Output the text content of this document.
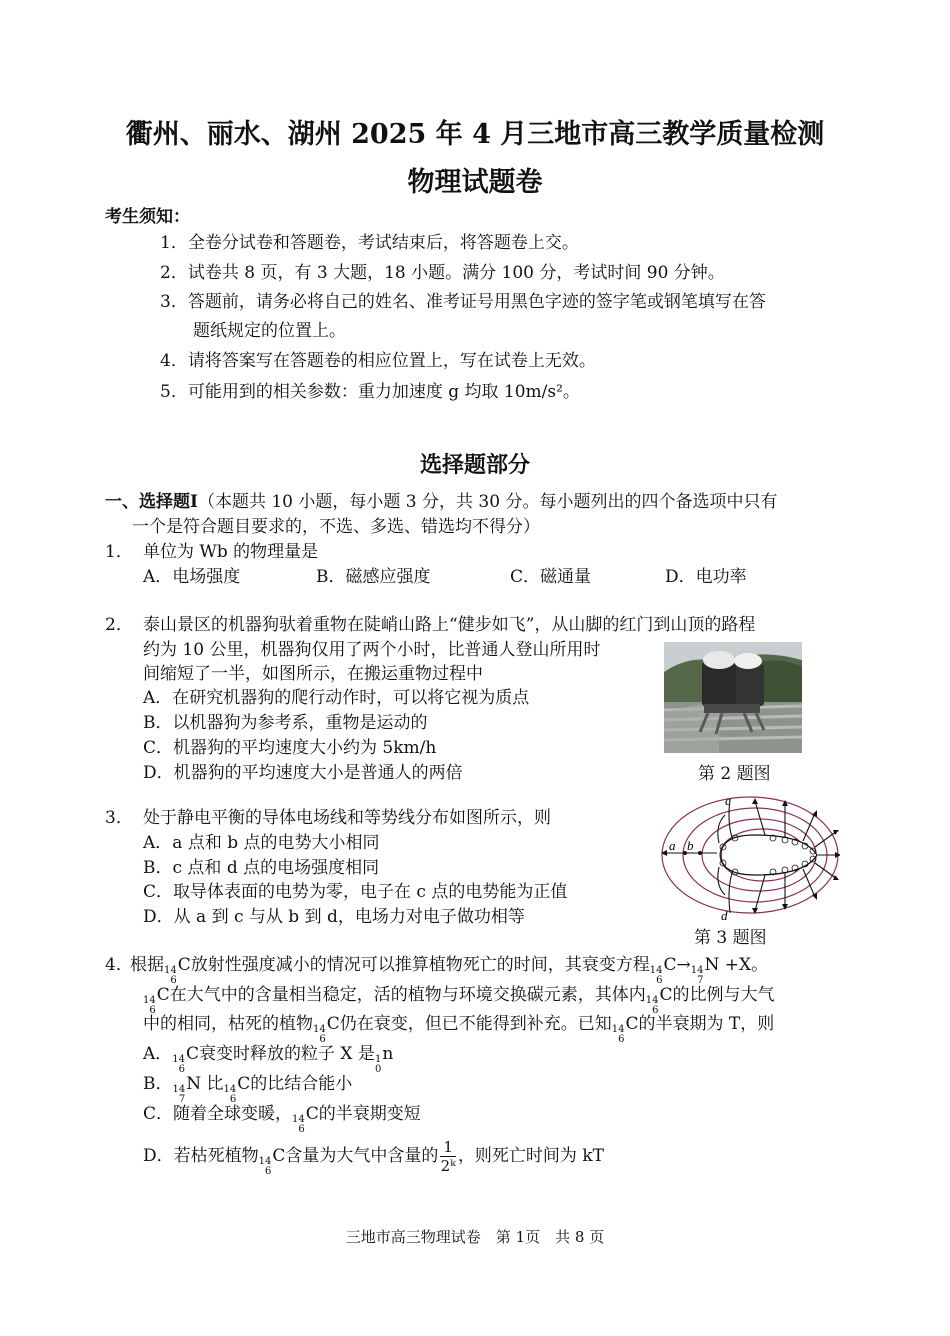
衢州、丽水、湖州 2025 年 4 月三地市高三教学质量检测
物理试题卷
考生须知：
1．全卷分试卷和答题卷，考试结束后，将答题卷上交。
2．试卷共 8 页，有 3 大题，18 小题。满分 100 分，考试时间 90 分钟。
3．答题前，请务必将自己的姓名、准考证号用黑色字迹的签字笔或钢笔填写在答
题纸规定的位置上。
4．请将答案写在答题卷的相应位置上，写在试卷上无效。
5．可能用到的相关参数：重力加速度 g 均取 10m/s²。
选择题部分
一、选择题Ⅰ（本题共 10 小题，每小题 3 分，共 30 分。每小题列出的四个备选项中只有
一个是符合题目要求的，不选、多选、错选均不得分）
1． 单位为 Wb 的物理量是
A．电场强度	B．磁感应强度	C．磁通量	D．电功率
2． 泰山景区的机器狗驮着重物在陡峭山路上“健步如飞”，从山脚的红门到山顶的路程
约为 10 公里，机器狗仅用了两个小时，比普通人登山所用时
间缩短了一半，如图所示，在搬运重物过程中
A．在研究机器狗的爬行动作时，可以将它视为质点
B．以机器狗为参考系，重物是运动的
C．机器狗的平均速度大小约为 5km/h
D．机器狗的平均速度大小是普通人的两倍	第 2 题图
3． 处于静电平衡的导体电场线和等势线分布如图所示，则
A．a 点和 b 点的电势大小相同
B．c 点和 d 点的电场强度相同
C．取导体表面的电势为零，电子在 c 点的电势能为正值
D．从 a 到 c 与从 b 到 d，电场力对电子做功相等
a b
c
d
第 3 题图
4．
根据 14
6
C放射性强度减小的情况可以推算植物死亡的时间，其衰变方程 14
6
C→ 14
7
N +X。
14
6
C在大气中的含量相当稳定，活的植物与环境交换碳元素，其体内 14
6
C的比例与大气
中的相同，枯死的植物 14
6
C仍在衰变，但已不能得到补充。已知 14
6
C的半衰期为 T，则
A． 14
6
C衰变时释放的粒子 X 是 1
0
n
B． 14
7
N 比 14
6
C的比结合能小
C．随着全球变暖， 14
6
C的半衰期变短
D．若枯死植物 14
6
C含量为大气中含量的 $\frac{1}{\text{2ᵏ}}$ ，则死亡时间为 kT
三地市高三物理试卷　第 1页　共 8 页
